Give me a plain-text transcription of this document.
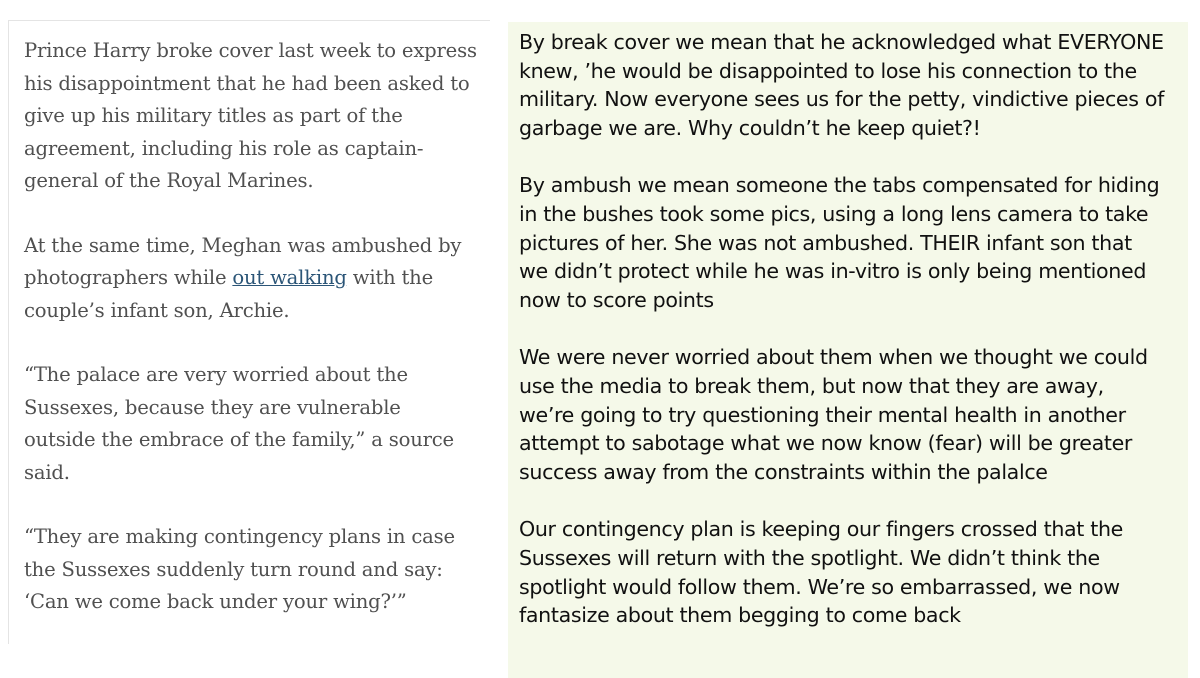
Prince Harry broke cover last week to express
his disappointment that he had been asked to
give up his military titles as part of the
agreement, including his role as captain-
general of the Royal Marines.

At the same time, Meghan was ambushed by
photographers while out walking with the
couple’s infant son, Archie.

“The palace are very worried about the
Sussexes, because they are vulnerable
outside the embrace of the family,” a source
said.

“They are making contingency plans in case
the Sussexes suddenly turn round and say:
‘Can we come back under your wing?’”

By break cover we mean that he acknowledged what EVERYONE
knew, ’he would be disappointed to lose his connection to the
military. Now everyone sees us for the petty, vindictive pieces of
garbage we are. Why couldn’t he keep quiet?!

By ambush we mean someone the tabs compensated for hiding
in the bushes took some pics, using a long lens camera to take
pictures of her. She was not ambushed. THEIR infant son that
we didn’t protect while he was in-vitro is only being mentioned
now to score points

We were never worried about them when we thought we could
use the media to break them, but now that they are away,
we’re going to try questioning their mental health in another
attempt to sabotage what we now know (fear) will be greater
success away from the constraints within the palalce

Our contingency plan is keeping our fingers crossed that the
Sussexes will return with the spotlight. We didn’t think the
spotlight would follow them. We’re so embarrassed, we now
fantasize about them begging to come back
